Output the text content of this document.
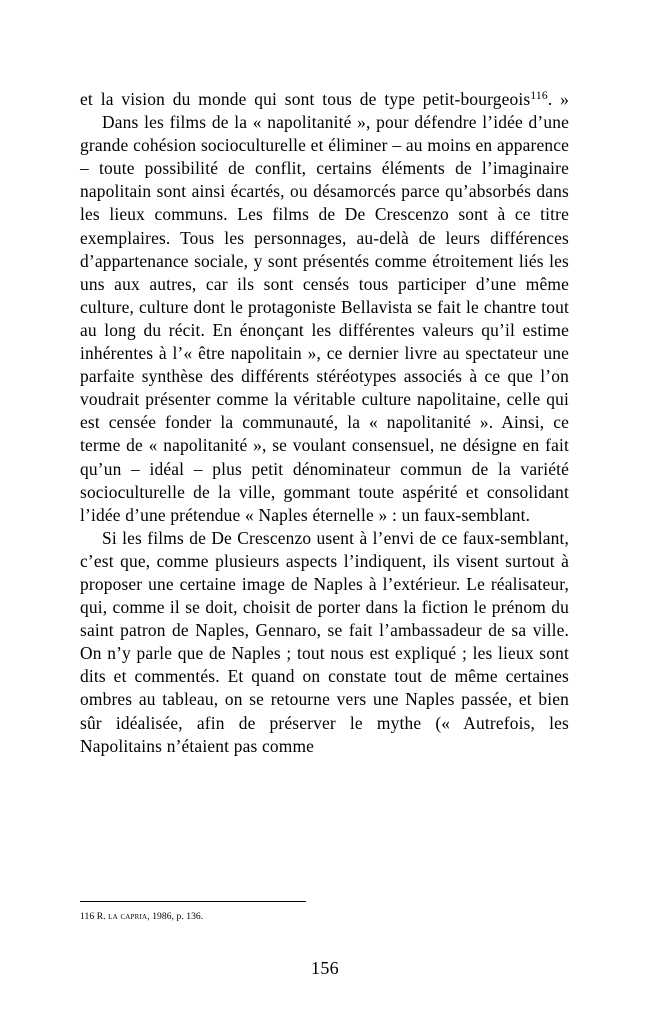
et la vision du monde qui sont tous de type petit-bourgeois$^{116}$. »

Dans les films de la « napolitanité », pour défendre l’idée d’une grande cohésion socioculturelle et éliminer – au moins en apparence – toute possibilité de conflit, certains éléments de l’imaginaire napolitain sont ainsi écartés, ou désamorcés parce qu’absorbés dans les lieux communs. Les films de De Crescenzo sont à ce titre exemplaires. Tous les personnages, au-delà de leurs différences d’appartenance sociale, y sont présentés comme étroitement liés les uns aux autres, car ils sont censés tous participer d’une même culture, culture dont le protagoniste Bellavista se fait le chantre tout au long du récit. En énonçant les différentes valeurs qu’il estime inhérentes à l’« être napolitain », ce dernier livre au spectateur une parfaite synthèse des différents stéréotypes associés à ce que l’on voudrait présenter comme la véritable culture napolitaine, celle qui est censée fonder la communauté, la « napolitanité ». Ainsi, ce terme de « napolitanité », se voulant consensuel, ne désigne en fait qu’un – idéal – plus petit dénominateur commun de la variété socioculturelle de la ville, gommant toute aspérité et consolidant l’idée d’une prétendue « Naples éternelle » : un faux-semblant.

Si les films de De Crescenzo usent à l’envi de ce faux-semblant, c’est que, comme plusieurs aspects l’indiquent, ils visent surtout à proposer une certaine image de Naples à l’extérieur. Le réalisateur, qui, comme il se doit, choisit de porter dans la fiction le prénom du saint patron de Naples, Gennaro, se fait l’ambassadeur de sa ville. On n’y parle que de Naples ; tout nous est expliqué ; les lieux sont dits et commentés. Et quand on constate tout de même certaines ombres au tableau, on se retourne vers une Naples passée, et bien sûr idéalisée, afin de préserver le mythe (« Autrefois, les Napolitains n’étaient pas comme

116 R. la capria, 1986, p. 136.
156
